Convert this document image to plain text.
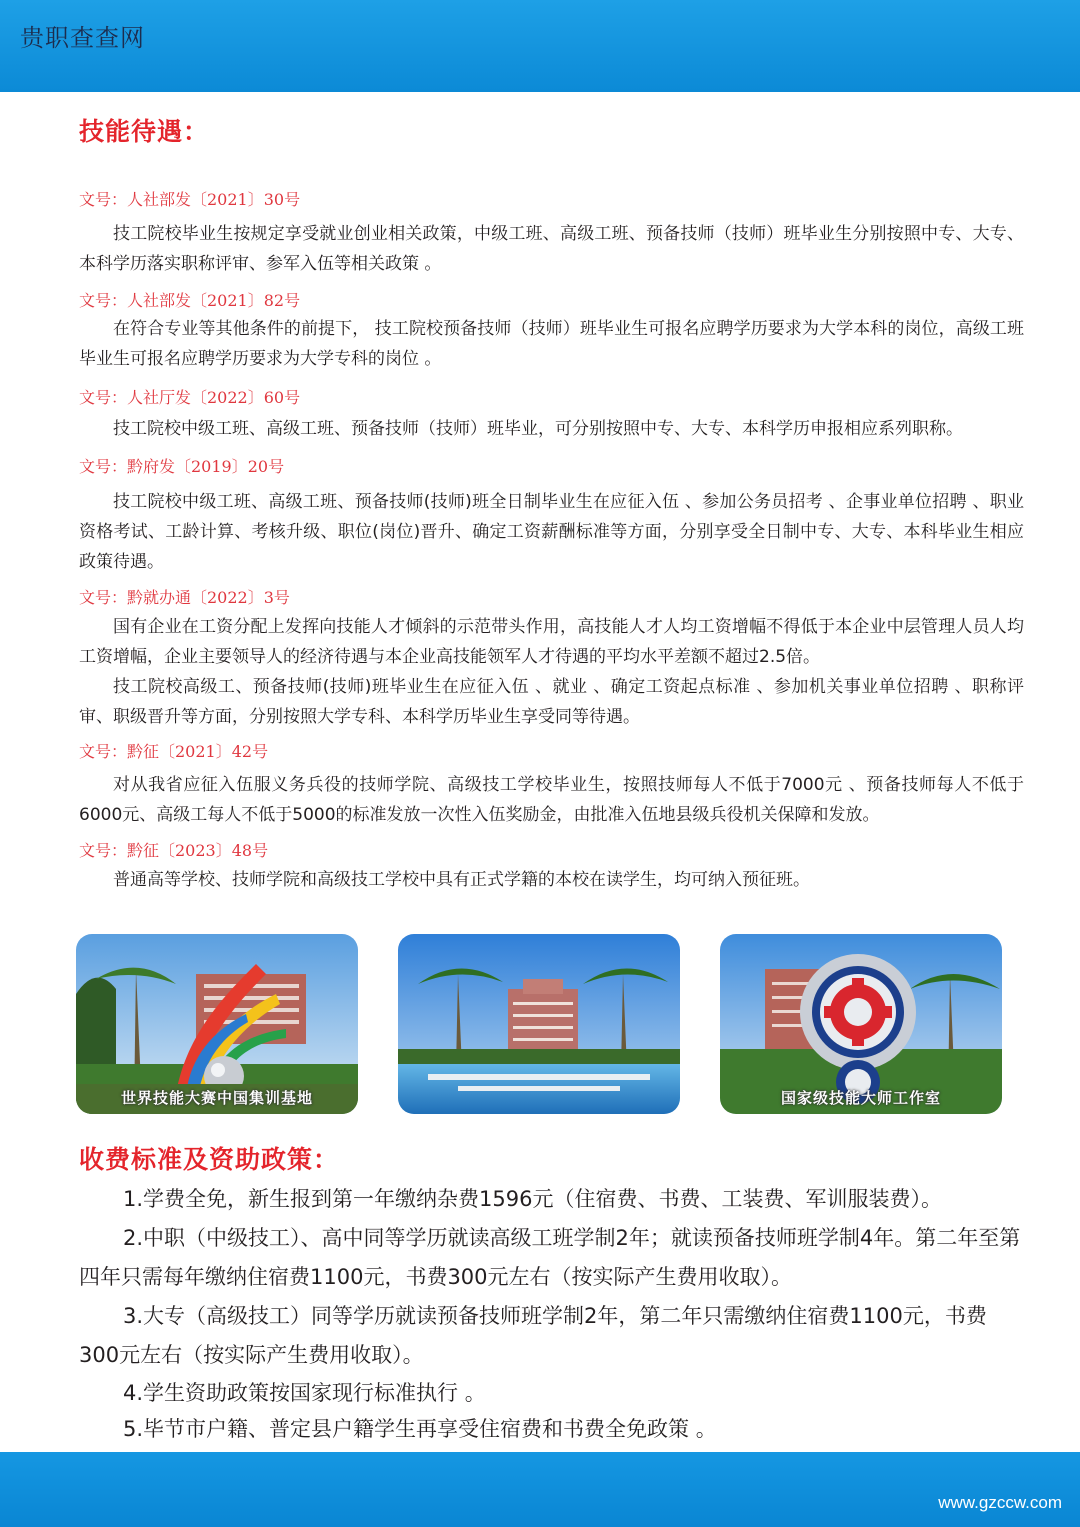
贵职查查网
技能待遇：
文号：人社部发〔2021〕30号
技工院校毕业生按规定享受就业创业相关政策，中级工班、高级工班、预备技师（技师）班毕业生分别按照中专、大专、本科学历落实职称评审、参军入伍等相关政策 。
文号：人社部发〔2021〕82号
在符合专业等其他条件的前提下， 技工院校预备技师（技师）班毕业生可报名应聘学历要求为大学本科的岗位，高级工班毕业生可报名应聘学历要求为大学专科的岗位 。
文号：人社厅发〔2022〕60号
技工院校中级工班、高级工班、预备技师（技师）班毕业，可分别按照中专、大专、本科学历申报相应系列职称。
文号：黔府发〔2019〕20号
技工院校中级工班、高级工班、预备技师(技师)班全日制毕业生在应征入伍 、参加公务员招考 、企事业单位招聘 、职业资格考试、工龄计算、考核升级、职位(岗位)晋升、确定工资薪酬标准等方面，分别享受全日制中专、大专、本科毕业生相应政策待遇。
文号：黔就办通〔2022〕3号
国有企业在工资分配上发挥向技能人才倾斜的示范带头作用，高技能人才人均工资增幅不得低于本企业中层管理人员人均工资增幅，企业主要领导人的经济待遇与本企业高技能领军人才待遇的平均水平差额不超过2.5倍。
技工院校高级工、预备技师(技师)班毕业生在应征入伍 、就业 、确定工资起点标准 、参加机关事业单位招聘 、职称评审、职级晋升等方面，分别按照大学专科、本科学历毕业生享受同等待遇。
文号：黔征〔2021〕42号
对从我省应征入伍服义务兵役的技师学院、高级技工学校毕业生，按照技师每人不低于7000元 、预备技师每人不低于6000元、高级工每人不低于5000的标准发放一次性入伍奖励金，由批准入伍地县级兵役机关保障和发放。
文号：黔征〔2023〕48号
普通高等学校、技师学院和高级技工学校中具有正式学籍的本校在读学生，均可纳入预征班。
世界技能大赛中国集训基地	国家级技能大师工作室
收费标准及资助政策：
1.学费全免，新生报到第一年缴纳杂费1596元（住宿费、书费、工装费、军训服装费）。
2.中职（中级技工）、高中同等学历就读高级工班学制2年；就读预备技师班学制4年。第二年至第四年只需每年缴纳住宿费1100元，书费300元左右（按实际产生费用收取）。
3.大专（高级技工）同等学历就读预备技师班学制2年，第二年只需缴纳住宿费1100元，书费300元左右（按实际产生费用收取）。
4.学生资助政策按国家现行标准执行 。
5.毕节市户籍、普定县户籍学生再享受住宿费和书费全免政策 。
www.gzccw.com
